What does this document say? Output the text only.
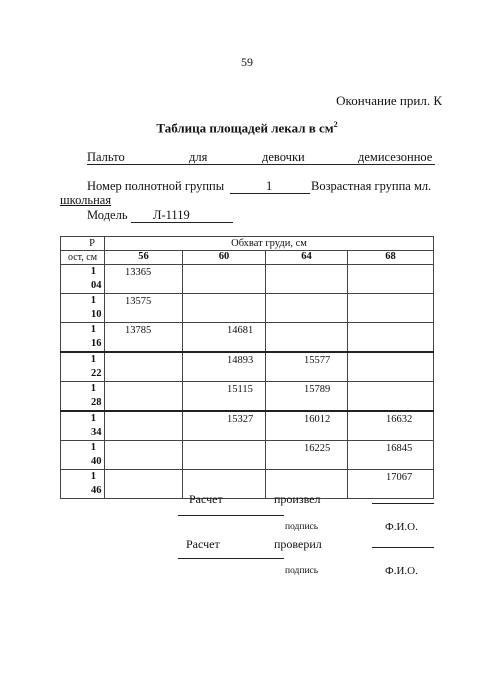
59
Окончание прил. К
Таблица площадей лекал в $см^2$
Пальто	для	девочки	демисезонное
Номер полнотной группы	1	Возрастная группа мл.
школьная
Модель Л-1119
Р	Обхват груди, см			
ост, см	56	60	64	68

1
04	13365			

1
10	13575			

1
16	13785	14681		

1
22		14893	15577	

1
28		15115	15789	

1
34		15327	16012	16632

1
40			16225	16845

1
46				17067
Расчет	произвел
подпись	Ф.И.О.
Расчет	проверил
подпись	Ф.И.О.
